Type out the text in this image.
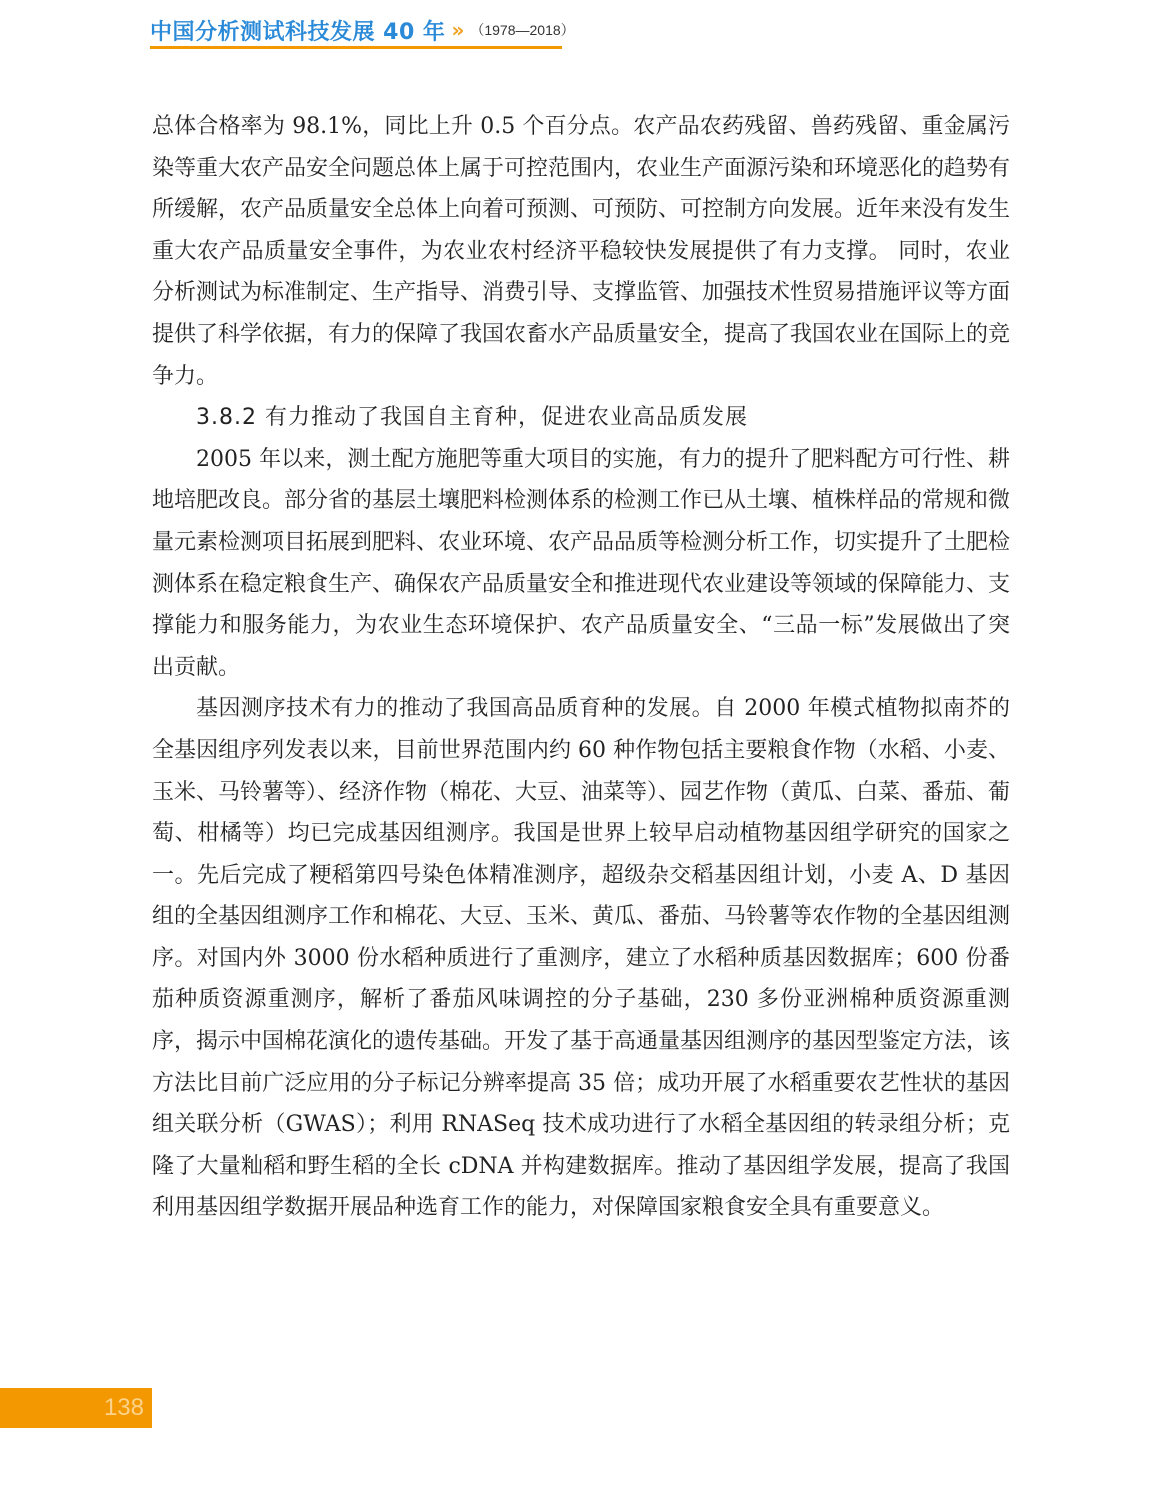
中国分析测试科技发展 40 年 » （1978—2018）

总体合格率为 98.1%，同比上升 0.5 个百分点。农产品农药残留、兽药残留、重金属污染等重大农产品安全问题总体上属于可控范围内，农业生产面源污染和环境恶化的趋势有所缓解，农产品质量安全总体上向着可预测、可预防、可控制方向发展。近年来没有发生重大农产品质量安全事件，为农业农村经济平稳较快发展提供了有力支撑。 同时，农业分析测试为标准制定、生产指导、消费引导、支撑监管、加强技术性贸易措施评议等方面提供了科学依据，有力的保障了我国农畜水产品质量安全，提高了我国农业在国际上的竞争力。

3.8.2 有力推动了我国自主育种，促进农业高品质发展

2005 年以来，测土配方施肥等重大项目的实施，有力的提升了肥料配方可行性、耕地培肥改良。部分省的基层土壤肥料检测体系的检测工作已从土壤、植株样品的常规和微量元素检测项目拓展到肥料、农业环境、农产品品质等检测分析工作，切实提升了土肥检测体系在稳定粮食生产、确保农产品质量安全和推进现代农业建设等领域的保障能力、支撑能力和服务能力，为农业生态环境保护、农产品质量安全、“三品一标”发展做出了突出贡献。

基因测序技术有力的推动了我国高品质育种的发展。自 2000 年模式植物拟南芥的全基因组序列发表以来，目前世界范围内约 60 种作物包括主要粮食作物（水稻、小麦、玉米、马铃薯等）、经济作物（棉花、大豆、油菜等）、园艺作物（黄瓜、白菜、番茄、葡萄、柑橘等）均已完成基因组测序。我国是世界上较早启动植物基因组学研究的国家之一。先后完成了粳稻第四号染色体精准测序，超级杂交稻基因组计划，小麦 A、D 基因组的全基因组测序工作和棉花、大豆、玉米、黄瓜、番茄、马铃薯等农作物的全基因组测序。对国内外 3000 份水稻种质进行了重测序，建立了水稻种质基因数据库；600 份番茄种质资源重测序，解析了番茄风味调控的分子基础，230 多份亚洲棉种质资源重测序，揭示中国棉花演化的遗传基础。开发了基于高通量基因组测序的基因型鉴定方法，该方法比目前广泛应用的分子标记分辨率提高 35 倍；成功开展了水稻重要农艺性状的基因组关联分析（GWAS）；利用 RNASeq 技术成功进行了水稻全基因组的转录组分析；克隆了大量籼稻和野生稻的全长 cDNA 并构建数据库。推动了基因组学发展，提高了我国利用基因组学数据开展品种选育工作的能力，对保障国家粮食安全具有重要意义。

138
